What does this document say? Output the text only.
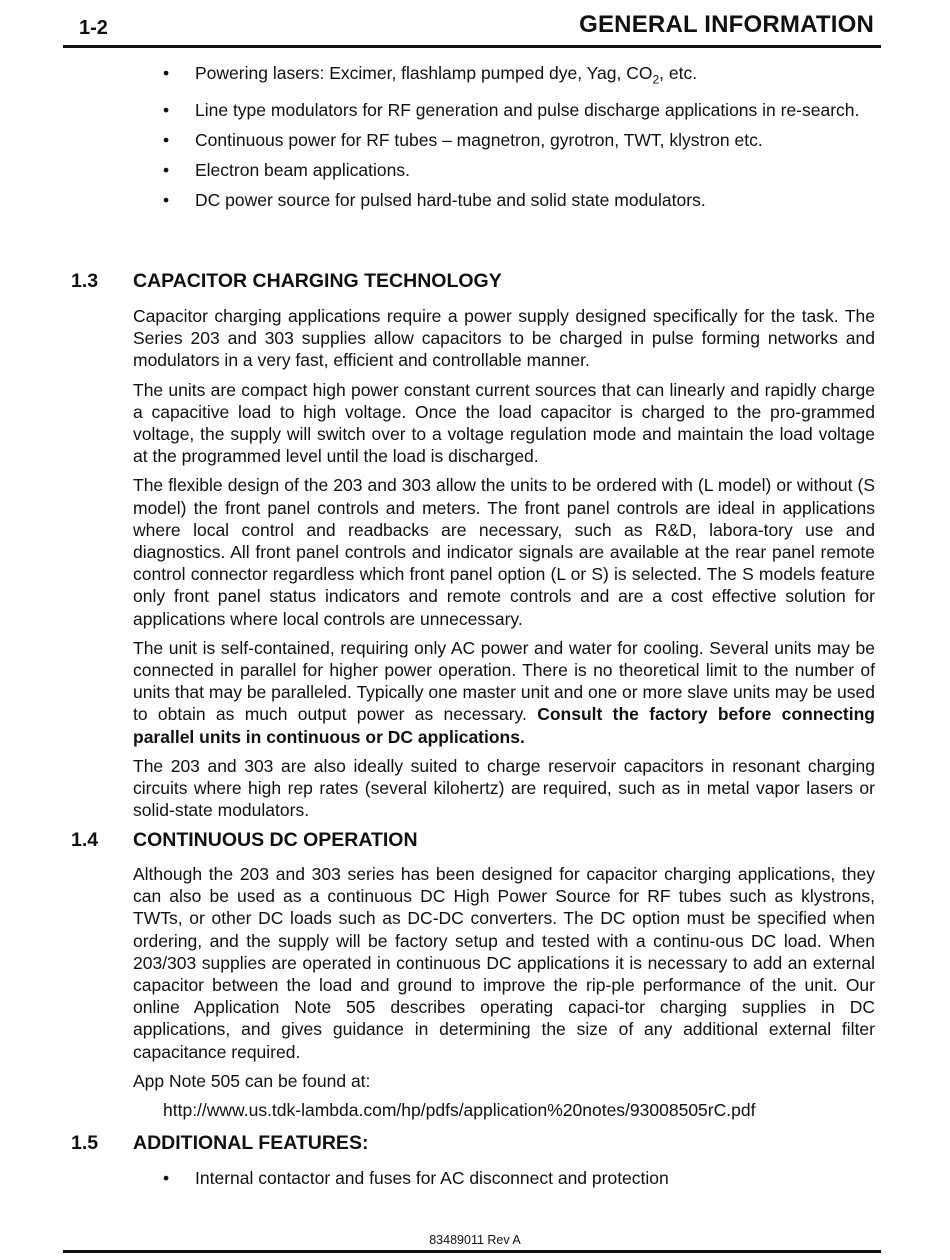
1-2	GENERAL INFORMATION
• Powering lasers: Excimer, flashlamp pumped dye, Yag, $CO_2$, etc.
• Line type modulators for RF generation and pulse discharge applications in re-search.
• Continuous power for RF tubes – magnetron, gyrotron, TWT, klystron etc.
• Electron beam applications.
• DC power source for pulsed hard-tube and solid state modulators.
1.3 CAPACITOR CHARGING TECHNOLOGY

Capacitor charging applications require a power supply designed specifically for the task. The Series 203 and 303 supplies allow capacitors to be charged in pulse forming networks and modulators in a very fast, efficient and controllable manner.

The units are compact high power constant current sources that can linearly and rapidly charge a capacitive load to high voltage. Once the load capacitor is charged to the pro-grammed voltage, the supply will switch over to a voltage regulation mode and maintain the load voltage at the programmed level until the load is discharged.

The flexible design of the 203 and 303 allow the units to be ordered with (L model) or without (S model) the front panel controls and meters. The front panel controls are ideal in applications where local control and readbacks are necessary, such as R&D, labora-tory use and diagnostics. All front panel controls and indicator signals are available at the rear panel remote control connector regardless which front panel option (L or S) is selected. The S models feature only front panel status indicators and remote controls and are a cost effective solution for applications where local controls are unnecessary.

The unit is self-contained, requiring only AC power and water for cooling. Several units may be connected in parallel for higher power operation. There is no theoretical limit to the number of units that may be paralleled. Typically one master unit and one or more slave units may be used to obtain as much output power as necessary. Consult the factory before connecting parallel units in continuous or DC applications.

The 203 and 303 are also ideally suited to charge reservoir capacitors in resonant charging circuits where high rep rates (several kilohertz) are required, such as in metal vapor lasers or solid-state modulators.

1.4 CONTINUOUS DC OPERATION

Although the 203 and 303 series has been designed for capacitor charging applications, they can also be used as a continuous DC High Power Source for RF tubes such as klystrons, TWTs, or other DC loads such as DC-DC converters. The DC option must be specified when ordering, and the supply will be factory setup and tested with a continu-ous DC load. When 203/303 supplies are operated in continuous DC applications it is necessary to add an external capacitor between the load and ground to improve the rip-ple performance of the unit. Our online Application Note 505 describes operating capaci-tor charging supplies in DC applications, and gives guidance in determining the size of any additional external filter capacitance required.

App Note 505 can be found at:

http://www.us.tdk-lambda.com/hp/pdfs/application%20notes/93008505rC.pdf
1.5 ADDITIONAL FEATURES:
• Internal contactor and fuses for AC disconnect and protection
83489011 Rev A
